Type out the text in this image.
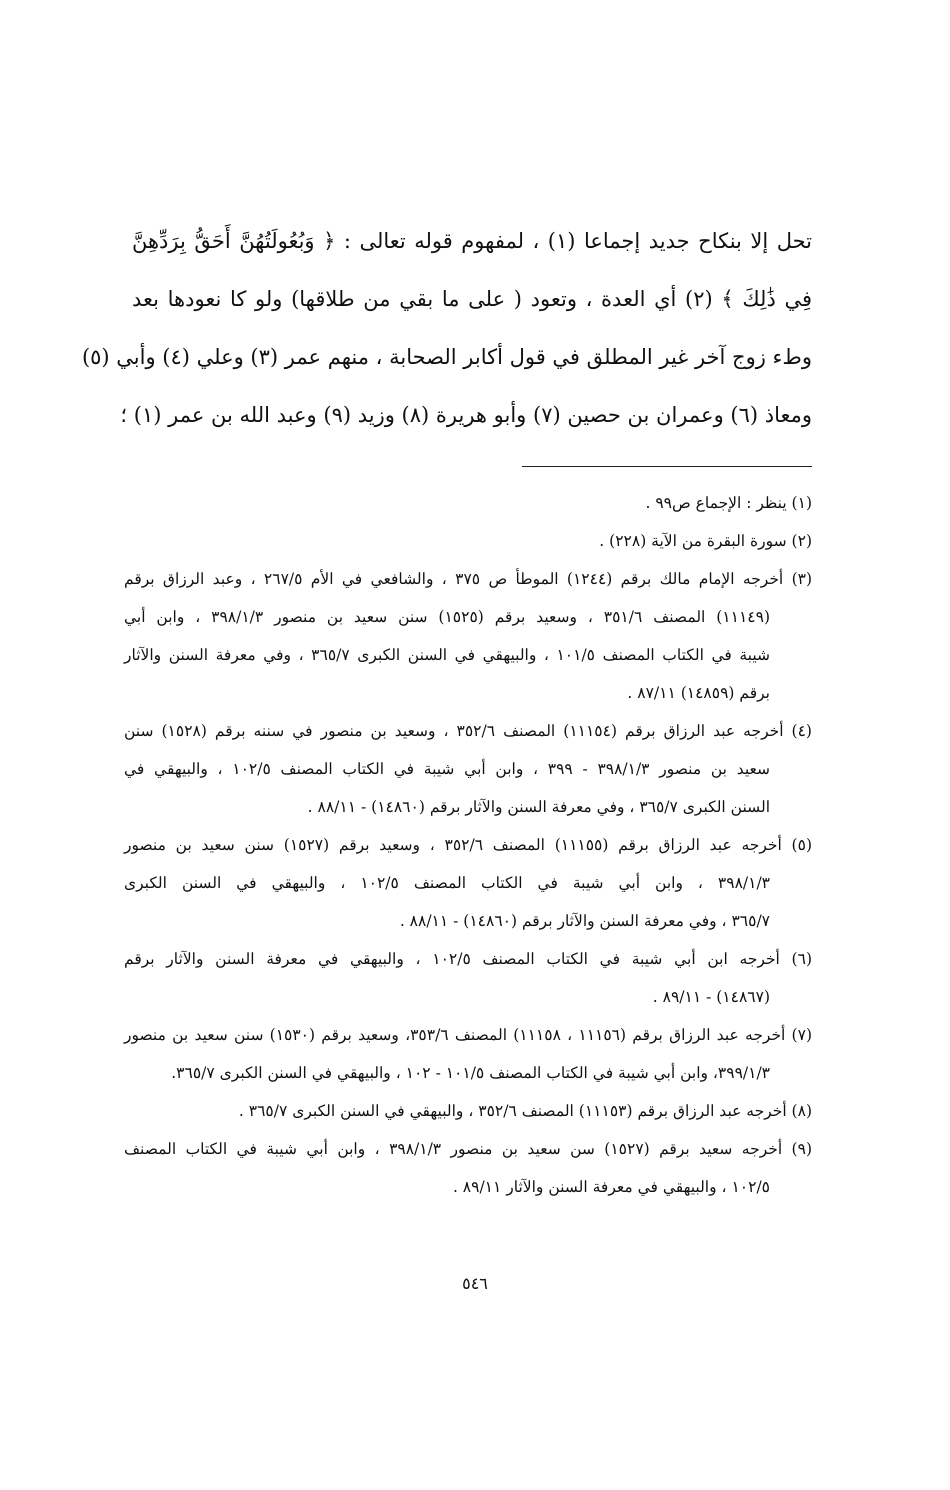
تحل إلا بنكاح جديد إجماعا (١) ، لمفهوم قوله تعالى : ﴿ وَبُعُولَتُهُنَّ أَحَقُّ بِرَدِّهِنَّ
فِي ذَٰلِكَ ﴾ (٢) أي العدة ، وتعود ( على ما بقي من طلاقها) ولو كا نعودها بعد
وطء زوج آخر غير المطلق في قول أكابر الصحابة ، منهم عمر (٣) وعلي (٤) وأبي (٥)
ومعاذ (٦) وعمران بن حصين (٧) وأبو هريرة (٨) وزيد (٩) وعبد الله بن عمر (١) ؛
(١) ينظر : الإجماع ص٩٩ .
(٢) سورة البقرة من الآية (٢٢٨) .
(٣) أخرجه الإمام مالك برقم (١٢٤٤) الموطأ ص ٣٧٥ ، والشافعي في الأم ٢٦٧/٥ ، وعبد الرزاق برقم
(١١١٤٩) المصنف ٣٥١/٦ ، وسعيد برقم (١٥٢٥) سنن سعيد بن منصور ٣٩٨/١/٣ ، وابن أبي
شيبة في الكتاب المصنف ١٠١/٥ ، والبيهقي في السنن الكبرى ٣٦٥/٧ ، وفي معرفة السنن والآثار
برقم (١٤٨٥٩) ٨٧/١١ .
(٤) أخرجه عبد الرزاق برقم (١١١٥٤) المصنف ٣٥٢/٦ ، وسعيد بن منصور في سننه برقم (١٥٢٨) سنن
سعيد بن منصور ٣٩٨/١/٣ - ٣٩٩ ، وابن أبي شيبة في الكتاب المصنف ١٠٢/٥ ، والبيهقي في
السنن الكبرى ٣٦٥/٧ ، وفي معرفة السنن والآثار برقم (١٤٨٦٠) - ٨٨/١١ .
(٥) أخرجه عبد الرزاق برقم (١١١٥٥) المصنف ٣٥٢/٦ ، وسعيد برقم (١٥٢٧) سنن سعيد بن منصور
٣٩٨/١/٣ ، وابن أبي شيبة في الكتاب المصنف ١٠٢/٥ ، والبيهقي في السنن الكبرى
٣٦٥/٧ ، وفي معرفة السنن والآثار برقم (١٤٨٦٠) - ٨٨/١١ .
(٦) أخرجه ابن أبي شيبة في الكتاب المصنف ١٠٢/٥ ، والبيهقي في معرفة السنن والآثار برقم
(١٤٨٦٧) - ٨٩/١١ .
(٧) أخرجه عبد الرزاق برقم (١١١٥٦ ، ١١١٥٨) المصنف ٣٥٣/٦، وسعيد برقم (١٥٣٠) سنن سعيد بن منصور
٣٩٩/١/٣، وابن أبي شيبة في الكتاب المصنف ١٠١/٥ - ١٠٢ ، والبيهقي في السنن الكبرى ٣٦٥/٧.
(٨) أخرجه عبد الرزاق برقم (١١١٥٣) المصنف ٣٥٢/٦ ، والبيهقي في السنن الكبرى ٣٦٥/٧ .
(٩) أخرجه سعيد برقم (١٥٢٧) سن سعيد بن منصور ٣٩٨/١/٣ ، وابن أبي شيبة في الكتاب المصنف
١٠٢/٥ ، والبيهقي في معرفة السنن والآثار ٨٩/١١ .
٥٤٦
